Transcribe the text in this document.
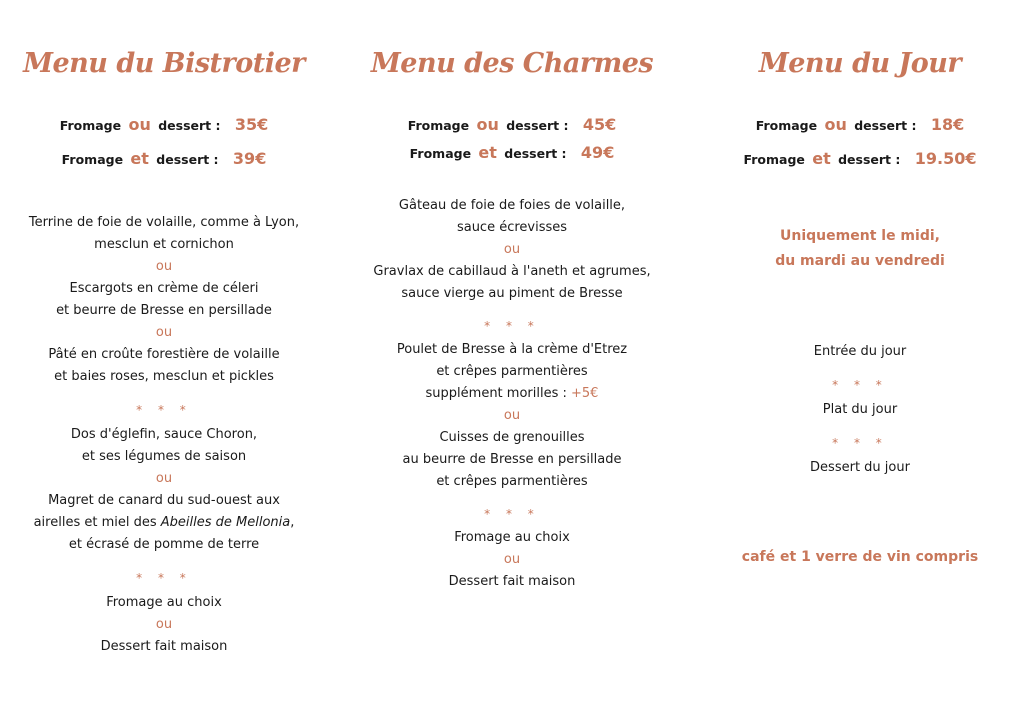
Menu du Bistrotier
Fromage ou dessert : 35€
Fromage et dessert : 39€
Terrine de foie de volaille, comme à Lyon,
mesclun et cornichon
ou
Escargots en crème de céleri
et beurre de Bresse en persillade
ou
Pâté en croûte forestière de volaille
et baies roses, mesclun et pickles
* * *
Dos d'églefin, sauce Choron,
et ses légumes de saison
ou
Magret de canard du sud-ouest aux
airelles et miel des Abeilles de Mellonia,
et écrasé de pomme de terre
* * *
Fromage au choix
ou
Dessert fait maison
Menu des Charmes
Fromage ou dessert : 45€
Fromage et dessert : 49€
Gâteau de foie de foies de volaille,
sauce écrevisses
ou
Gravlax de cabillaud à l'aneth et agrumes,
sauce vierge au piment de Bresse
* * *
Poulet de Bresse à la crème d'Etrez
et crêpes parmentières
supplément morilles : +5€
ou
Cuisses de grenouilles
au beurre de Bresse en persillade
et crêpes parmentières
* * *
Fromage au choix
ou
Dessert fait maison
Menu du Jour
Fromage ou dessert : 18€
Fromage et dessert : 19.50€
Uniquement le midi,
du mardi au vendredi
Entrée du jour
* * *
Plat du jour
* * *
Dessert du jour
café et 1 verre de vin compris
